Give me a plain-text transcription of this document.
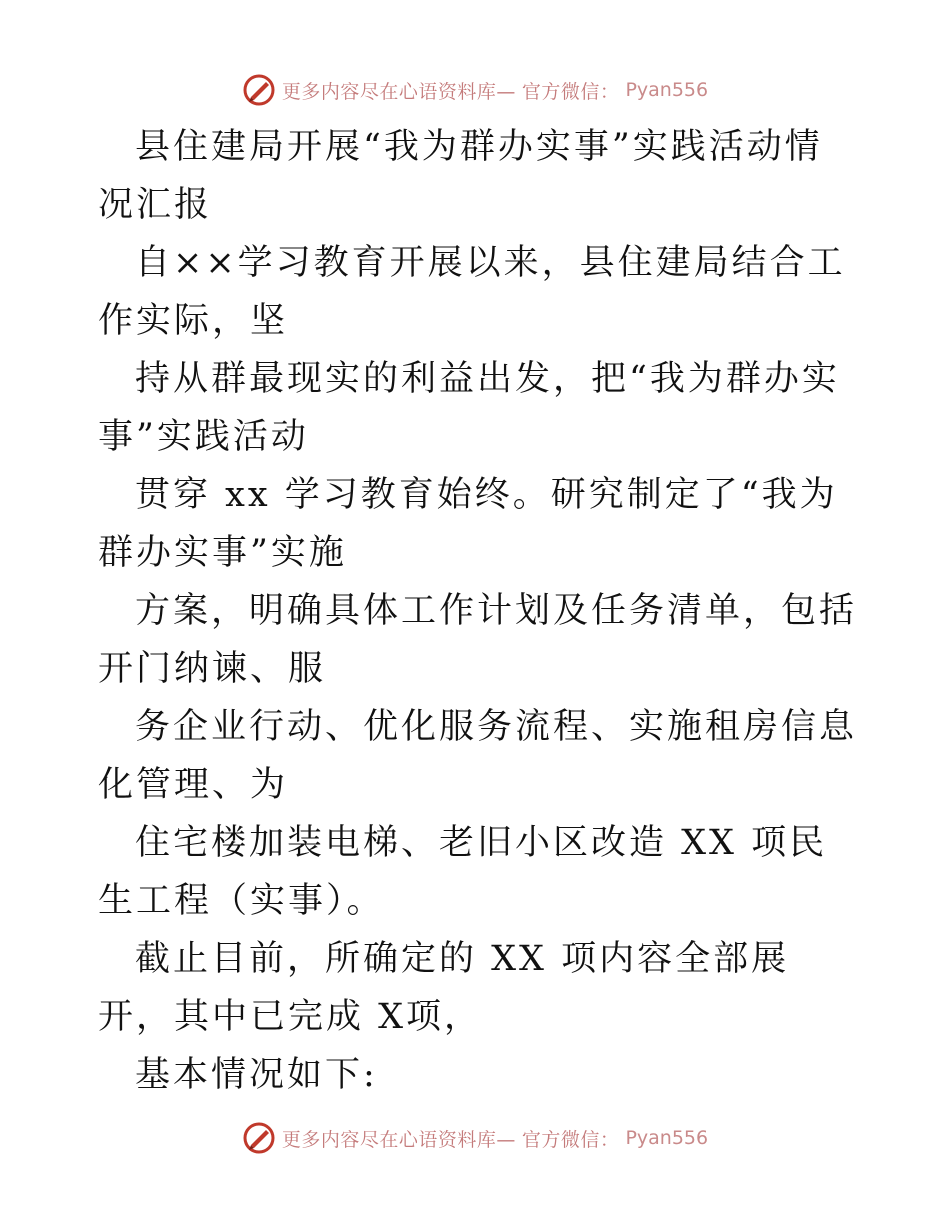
更多内容尽在心语资料库— 官方微信： Pyan556

县住建局开展“我为群办实事”实践活动情况汇报

自××学习教育开展以来，县住建局结合工作实际，坚

持从群最现实的利益出发，把“我为群办实 事”实践活动

贯穿 xx 学习教育始终。研究制定了“我为群办实事”实施

方案，明确具体工作计划及任务清单，包括开门纳谏、服

务企业行动、优化服务流程、实施租房信息化管理、为

住宅楼加装电梯、老旧小区改造 XX 项民生工程（实事）。

截止目前，所确定的 XX 项内容全部展开，其中已完成 X项，

基本情况如下:

更多内容尽在心语资料库— 官方微信： Pyan556
